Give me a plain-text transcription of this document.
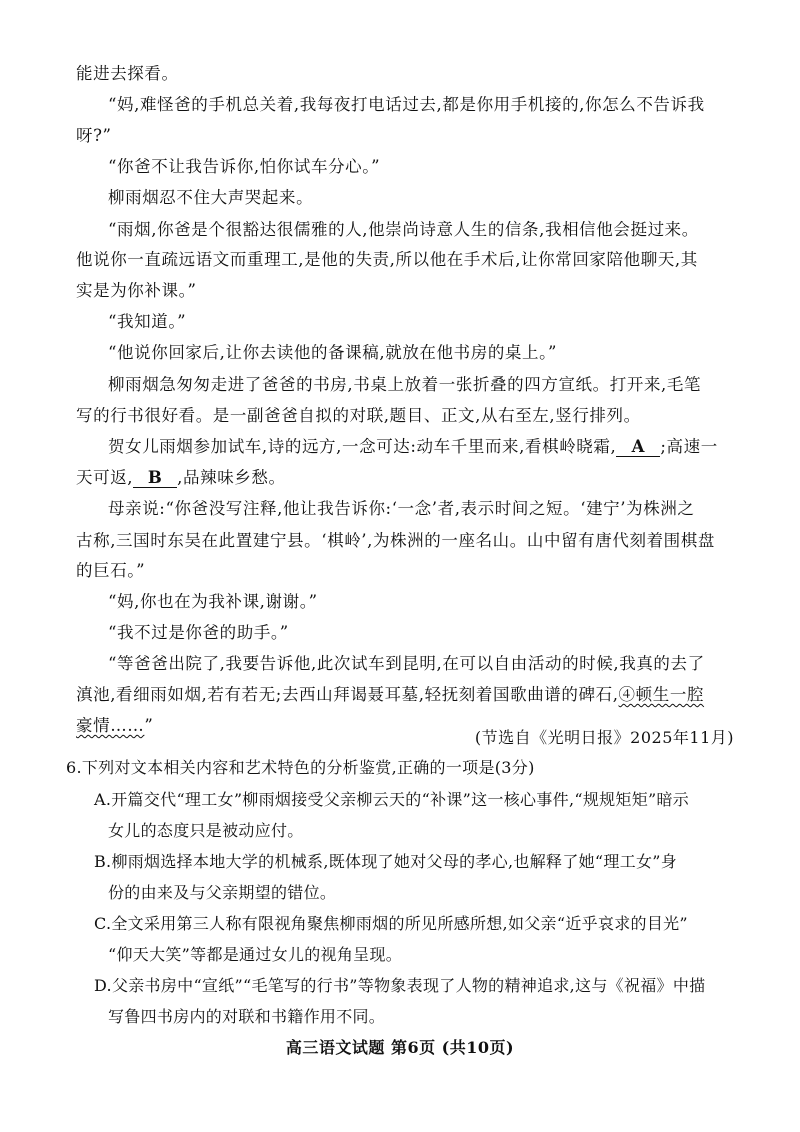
能进去探看。
“妈,难怪爸的手机总关着,我每夜打电话过去,都是你用手机接的,你怎么不告诉我
呀?”
“你爸不让我告诉你,怕你试车分心。”
柳雨烟忍不住大声哭起来。
“雨烟,你爸是个很豁达很儒雅的人,他崇尚诗意人生的信条,我相信他会挺过来。
他说你一直疏远语文而重理工,是他的失责,所以他在手术后,让你常回家陪他聊天,其
实是为你补课。”
“我知道。”
“他说你回家后,让你去读他的备课稿,就放在他书房的桌上。”
柳雨烟急匆匆走进了爸爸的书房,书桌上放着一张折叠的四方宣纸。打开来,毛笔
写的行书很好看。是一副爸爸自拟的对联,题目、正文,从右至左,竖行排列。
贺女儿雨烟参加试车,诗的远方,一念可达:动车千里而来,看棋岭晓霜, A ;高速一
天可返, B ,品辣味乡愁。
母亲说:“你爸没写注释,他让我告诉你:‘一念’者,表示时间之短。‘建宁’为株洲之
古称,三国时东吴在此置建宁县。‘棋岭’,为株洲的一座名山。山中留有唐代刻着围棋盘
的巨石。”
“妈,你也在为我补课,谢谢。”
“我不过是你爸的助手。”
“等爸爸出院了,我要告诉他,此次试车到昆明,在可以自由活动的时候,我真的去了
滇池,看细雨如烟,若有若无;去西山拜谒聂耳墓,轻抚刻着国歌曲谱的碑石,④顿生一腔
豪情……”
(节选自《光明日报》2025年11月)
6.下列对文本相关内容和艺术特色的分析鉴赏,正确的一项是(3分)
A.开篇交代“理工女”柳雨烟接受父亲柳云天的“补课”这一核心事件,“规规矩矩”暗示
女儿的态度只是被动应付。
B.柳雨烟选择本地大学的机械系,既体现了她对父母的孝心,也解释了她“理工女”身
份的由来及与父亲期望的错位。
C.全文采用第三人称有限视角聚焦柳雨烟的所见所感所想,如父亲“近乎哀求的目光”
“仰天大笑”等都是通过女儿的视角呈现。
D.父亲书房中“宣纸”“毛笔写的行书”等物象表现了人物的精神追求,这与《祝福》中描
写鲁四书房内的对联和书籍作用不同。
高三语文试题 第6页 (共10页)
